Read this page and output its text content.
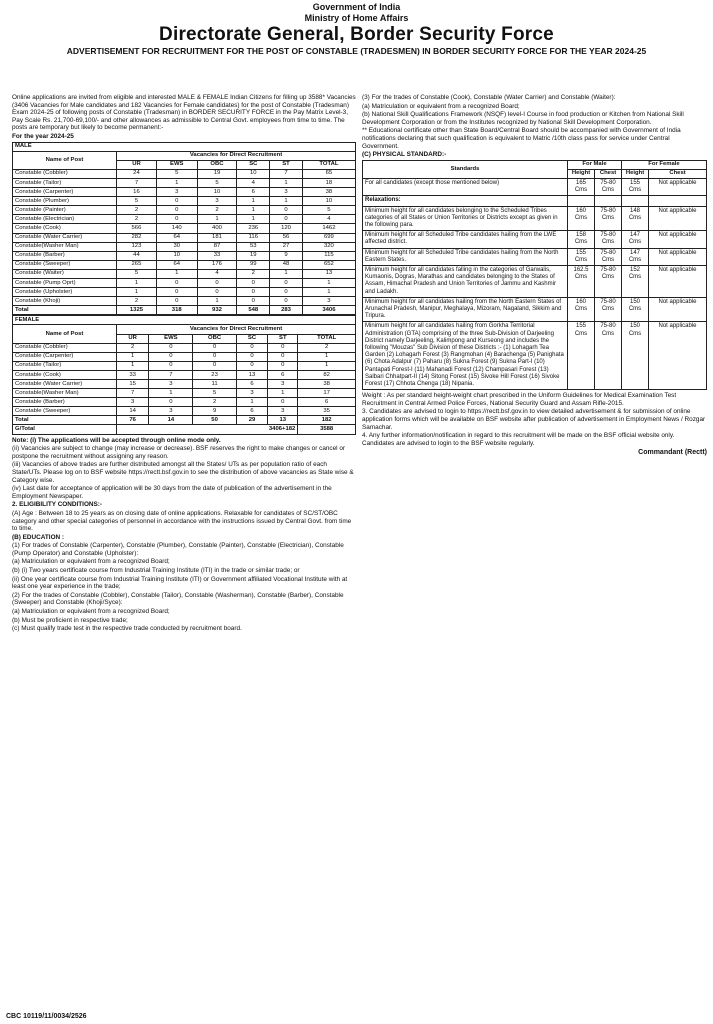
Government of India
Ministry of Home Affairs
Directorate General, Border Security Force
ADVERTISEMENT FOR RECRUITMENT FOR THE POST OF CONSTABLE (TRADESMEN) IN BORDER SECURITY FORCE FOR THE YEAR 2024-25

Online applications are invited from eligible and interested MALE & FEMALE Indian Citizens for filling up 3588* Vacancies (3406 Vacancies for Male candidates and 182 Vacancies for Female candidates) for the post of Constable (Tradesman) Exam 2024-25 of following posts of Constable (Tradesman) in BORDER SECURITY FORCE in the Pay Matrix Level-3, Pay Scale Rs. 21,700-69,100/- and other allowances as admissible to Central Govt. employees from time to time. The posts are temporary but likely to become permanent:-

For the year 2024-25

MALE						
Name of Post	Vacancies for Direct Recruitment					
	UR	EWS	OBC	SC	ST	TOTAL
Constable (Cobbler)	24	5	19	10	7	65
Constable (Tailor)	7	1	5	4	1	18
Constable (Carpenter)	16	3	10	6	3	38
Constable (Plumber)	5	0	3	1	1	10
Constable (Painter)	2	0	2	1	0	5
Constable (Electrician)	2	0	1	1	0	4
Constable (Cook)	566	140	400	236	120	1462
Constable (Water Carrier)	282	64	181	116	56	699
Constable(Washer Man)	123	30	87	53	27	320
Constable (Barber)	44	10	33	19	9	115
Constable (Sweeper)	265	64	176	99	48	652
Constable (Waiter)	5	1	4	2	1	13
Constable (Pump Oprt)	1	0	0	0	0	1
Constable (Upholster)	1	0	0	0	0	1
Constable (Khoji)	2	0	1	0	0	3
Total	1325	318	932	548	283	3406
FEMALE						
Name of Post	Vacancies for Direct Recruitment					
	UR	EWS	OBC	SC	ST	TOTAL
Constable (Cobbler)	2	0	0	0	0	2
Constable (Carpenter)	1	0	0	0	0	1
Constable (Tailor)	1	0	0	0	0	1
Constable (Cook)	33	7	23	13	6	82
Constable (Water Carrier)	15	3	11	6	3	38
Constable(Washer Man)	7	1	5	3	1	17
Constable (Barber)	3	0	2	1	0	6
Constable (Sweeper)	14	3	9	6	3	35
Total	76	14	50	29	13	182
G/Total	3406+182					3588

Note: (i) The applications will be accepted through online mode only.

(ii) Vacancies are subject to change (may increase or decrease). BSF reserves the right to make changes or cancel or postpone the recruitment without assigning any reason.

(iii) Vacancies of above trades are further distributed amongst all the States/ UTs as per population ratio of each State/UTs. Please log on to BSF website https://rectt.bsf.gov.in to see the distribution of above vacancies as State wise & Category wise.

(iv) Last date for acceptance of application will be 30 days from the date of publication of the advertisement in the Employment Newspaper.

2. ELIGIBILITY CONDITIONS:-

(A) Age : Between 18 to 25 years as on closing date of online applications. Relaxable for candidates of SC/ST/OBC category and other special categories of personnel in accordance with the instructions issued by Central Govt. from time to time.

(B) EDUCATION :

(1) For trades of Constable (Carpenter), Constable (Plumber), Constable (Painter), Constable (Electrician), Constable (Pump Operator) and Constable (Upholster):

(a) Matriculation or equivalent from a recognized Board;

(b) (i) Two years certificate course from Industrial Training Institute (ITI) in the trade or similar trade; or

(ii) One year certificate course from Industrial Training Institute (ITI) or Government affiliated Vocational Institute with at least one year experience in the trade;

(2) For the trades of Constable (Cobbler), Constable (Tailor), Constable (Washerman), Constable (Barber), Constable (Sweeper) and Constable (Khoji/Syce):

(a) Matriculation or equivalent from a recognized Board;

(b) Must be proficient in respective trade;

(c) Must qualify trade test in the respective trade conducted by recruitment board.

(3) For the trades of Constable (Cook), Constable (Water Carrier) and Constable (Waiter):

(a) Matriculation or equivalent from a recognized Board;

(b) National Skill Qualifications Framework (NSQF) level-I Course in food production or Kitchen from National Skill Development Corporation or from the Institutes recognized by National Skill Development Corporation.

** Educational certificate other than State Board/Central Board should be accompanied with Government of India notifications declaring that such qualification is equivalent to Matric /10th class pass for service under Central Government.

(C) PHYSICAL STANDARD:-

Standards	For Male		For Female	
	Height	Chest	Height	Chest
For all candidates (except those mentioned below)	165 Cms	75-80 Cms	155 Cms	Not applicable
Relaxations:				
Minimum height for all candidates belonging to the Scheduled Tribes categories of all States or Union Territories or Districts except as given in the following para.	160 Cms	75-80 Cms	148 Cms	Not applicable
Minimum height for all Scheduled Tribe candidates hailing from the LWE affected district.	158 Cms	75-80 Cms	147 Cms	Not applicable
Minimum height for all Scheduled Tribe candidates hailing from the North Eastern States.	155 Cms	75-80 Cms	147 Cms	Not applicable
Minimum height for all candidates falling in the categories of Garwalis, Kumaonis, Dogras, Marathas and candidates belonging to the States of Assam, Himachal Pradesh and Union Territories of Jammu and Kashmir and Ladakh.	162.5 Cms	75-80 Cms	152 Cms	Not applicable
Minimum height for all candidates hailing from the North Eastern States of Arunachal Pradesh, Manipur, Meghalaya, Mizoram, Nagaland, Sikkim and Tripura.	160 Cms	75-80 Cms	150 Cms	Not applicable
Minimum height for all candidates hailing from Gorkha Territorial Administration (GTA) comprising of the three Sub-Division of Darjeeling District namely Darjeeling, Kalimpong and Kurseong and includes the following "Mouzas" Sub Division of these Districts :- (1) Lohagarh Tea Garden (2) Lohagarh Forest (3) Rangmohan (4) Barachenga (5) Panighata (6) Chota Adalpur (7) Paharu (8) Sukna Forest (9) Sukna Part-I (10) Pantapati Forest-I (11) Mahanadi Forest (12) Champasari Forest (13) Salbari Chhatpart-II (14) Sitong Forest (15) Sivoke Hill Forest (16) Sivoke Forest (17) Chhota Chenga (18) Nipania.	155 Cms	75-80 Cms	150 Cms	Not applicable

Weight : As per standard height-weight chart prescribed in the Uniform Guidelines for Medical Examination Test Recruitment in Central Armed Police Forces, National Security Guard and Assam Rifle-2015.

3. Candidates are advised to login to https://rectt.bsf.gov.in to view detailed advertisement & for submission of online application forms which will be available on BSF website after publication of advertisement in Employment News / Rozgar Samachar.

4. Any further information/notification in regard to this recruitment will be made on the BSF official website only. Candidates are advised to login to the BSF website regularly.

Commandant (Rectt)
CBC 10119/11/0034/2526
